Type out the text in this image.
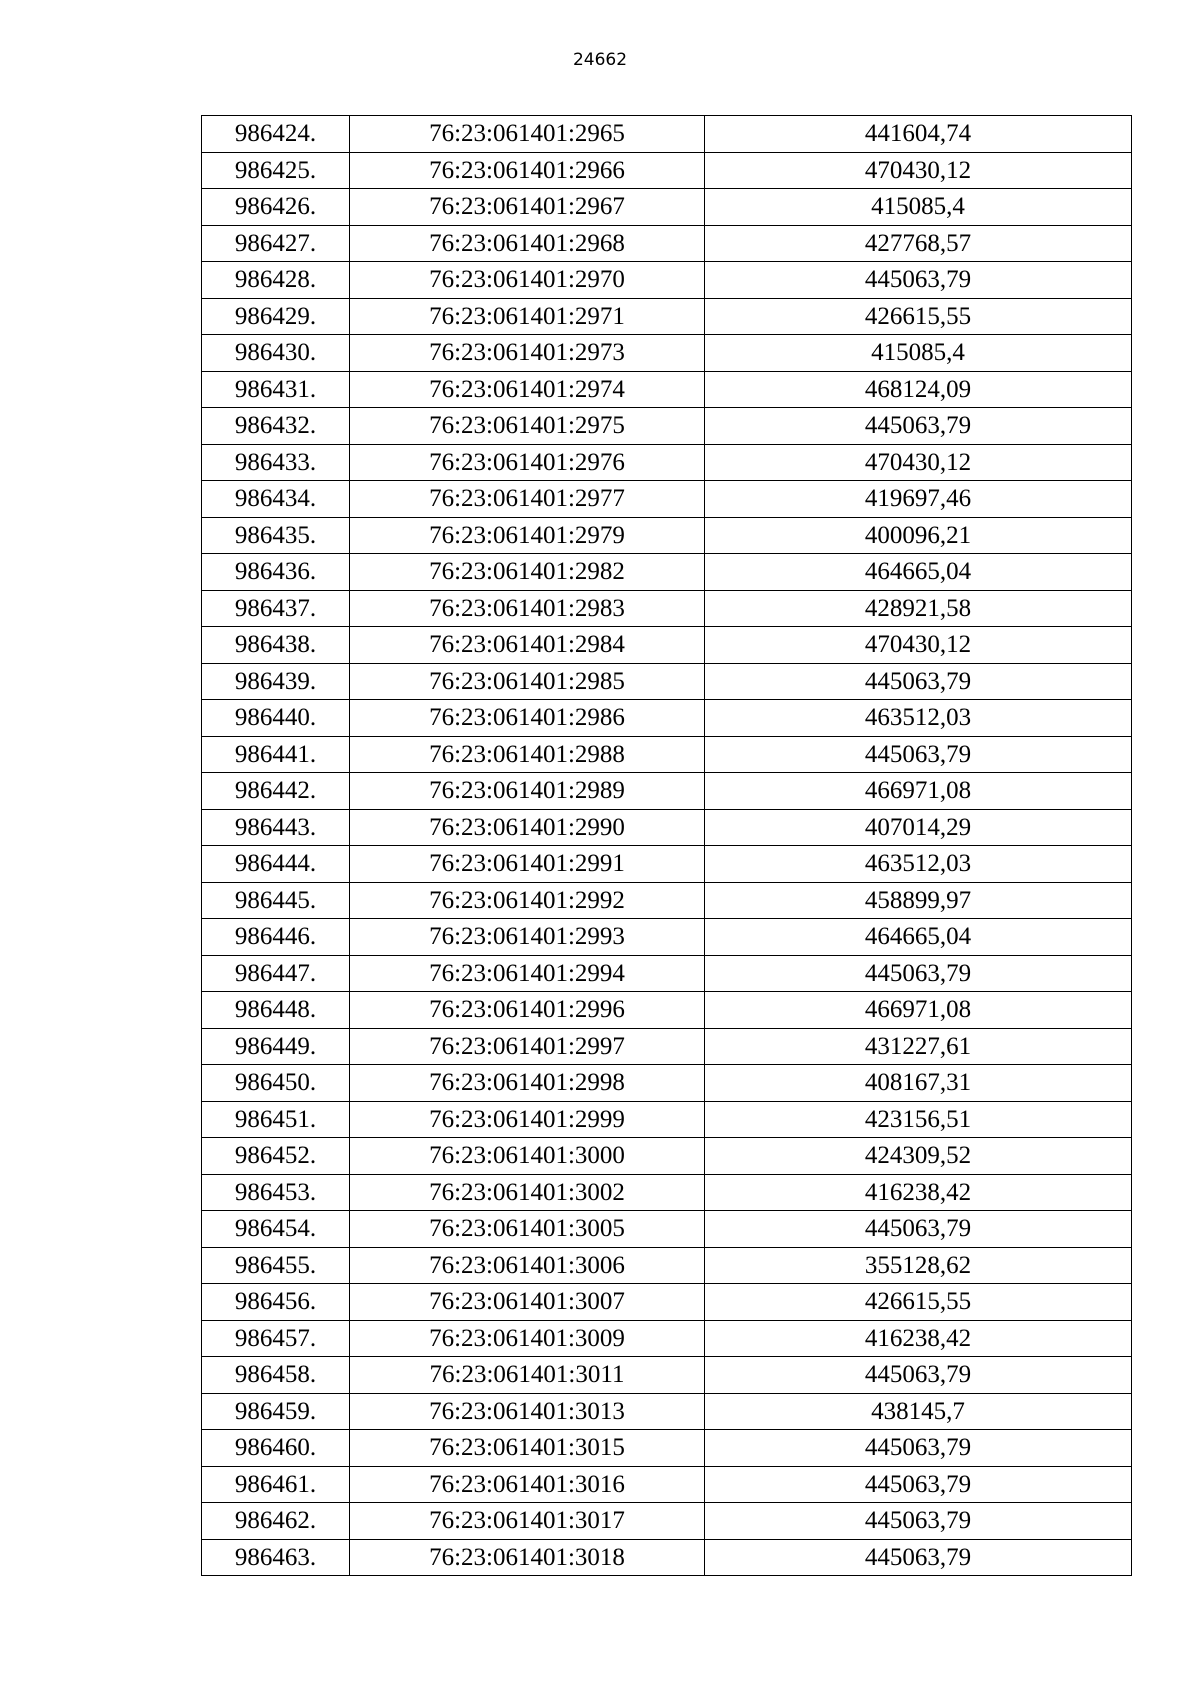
24662
986424.	76:23:061401:2965	441604,74
986425.	76:23:061401:2966	470430,12
986426.	76:23:061401:2967	415085,4
986427.	76:23:061401:2968	427768,57
986428.	76:23:061401:2970	445063,79
986429.	76:23:061401:2971	426615,55
986430.	76:23:061401:2973	415085,4
986431.	76:23:061401:2974	468124,09
986432.	76:23:061401:2975	445063,79
986433.	76:23:061401:2976	470430,12
986434.	76:23:061401:2977	419697,46
986435.	76:23:061401:2979	400096,21
986436.	76:23:061401:2982	464665,04
986437.	76:23:061401:2983	428921,58
986438.	76:23:061401:2984	470430,12
986439.	76:23:061401:2985	445063,79
986440.	76:23:061401:2986	463512,03
986441.	76:23:061401:2988	445063,79
986442.	76:23:061401:2989	466971,08
986443.	76:23:061401:2990	407014,29
986444.	76:23:061401:2991	463512,03
986445.	76:23:061401:2992	458899,97
986446.	76:23:061401:2993	464665,04
986447.	76:23:061401:2994	445063,79
986448.	76:23:061401:2996	466971,08
986449.	76:23:061401:2997	431227,61
986450.	76:23:061401:2998	408167,31
986451.	76:23:061401:2999	423156,51
986452.	76:23:061401:3000	424309,52
986453.	76:23:061401:3002	416238,42
986454.	76:23:061401:3005	445063,79
986455.	76:23:061401:3006	355128,62
986456.	76:23:061401:3007	426615,55
986457.	76:23:061401:3009	416238,42
986458.	76:23:061401:3011	445063,79
986459.	76:23:061401:3013	438145,7
986460.	76:23:061401:3015	445063,79
986461.	76:23:061401:3016	445063,79
986462.	76:23:061401:3017	445063,79
986463.	76:23:061401:3018	445063,79
